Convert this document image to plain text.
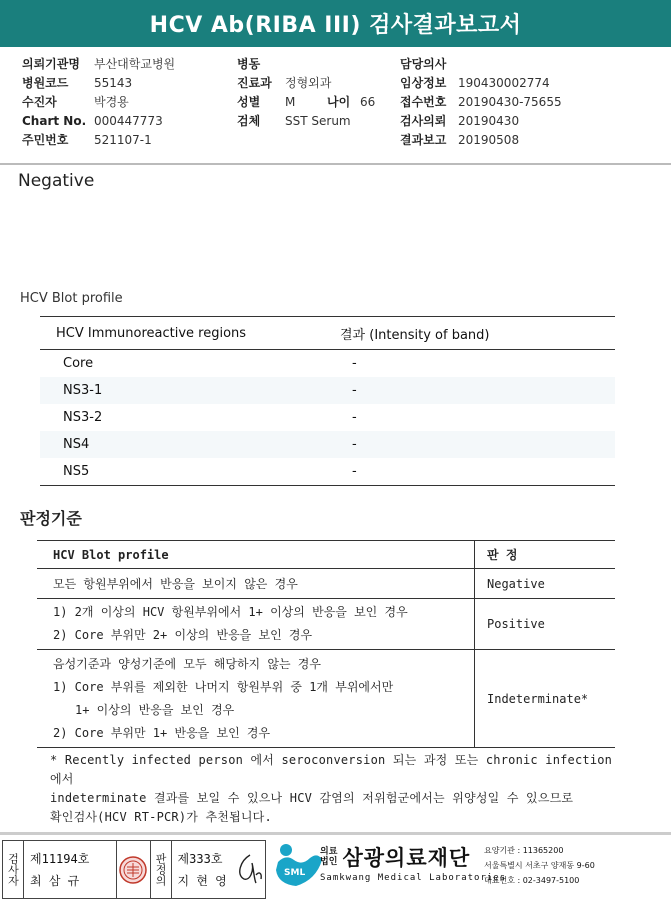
HCV Ab(RIBA III) 검사결과보고서
의뢰기관명	부산대학교병원
병원코드	55143
수진자	박경용
Chart No. 000447773
주민번호	521107-1
병동
진료과	정형외과
성별	M	나이 66
검체	SST Serum
담당의사
임상정보 190430002774
접수번호 20190430-75655
검사의뢰 20190430
결과보고 20190508
Negative
HCV Blot profile
HCV Immunoreactive regions	결과 (Intensity of band)
Core	-
NS3-1	-
NS3-2	-
NS4	-
NS5	-
판정기준
HCV Blot profile	판 정
모든 항원부위에서 반응을 보이지 않은 경우	Negative

1) 2개 이상의 HCV 항원부위에서 1+ 이상의 반응을 보인 경우
2) Core 부위만 2+ 이상의 반응을 보인 경우	Positive

음성기준과 양성기준에 모두 해당하지 않는 경우
1) Core 부위를 제외한 나머지 항원부위 중 1개 부위에서만
1+ 이상의 반응을 보인 경우
2) Core 부위만 1+ 반응을 보인 경우	Indeterminate*
* Recently infected person 에서 seroconversion 되는 과정 또는 chronic infection 에서
indeterminate 결과를 보일 수 있으나 HCV 감염의 저위험군에서는 위양성일 수 있으므로
확인검사(HCV RT-PCR)가 추천됩니다.
검사자 제11194호
최 삼 규	판정의 제333호
지 현 영
SML
의료
법인 삼광의료재단
Samkwang Medical Laboratories
요양기관 : 11365200
서울특별시 서초구 양재동 9-60
대표번호 : 02-3497-5100
